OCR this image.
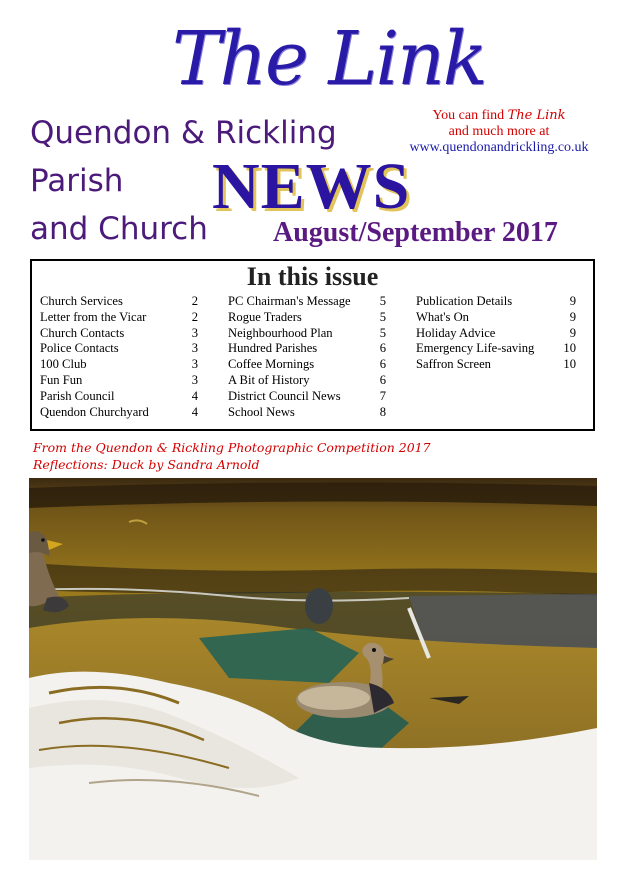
The Link
Quendon & Rickling
Parish
and Church
NEWS
August/September 2017
You can find The Link
and much more at
www.quendonandrickling.co.uk
In this issue
Church Services	2
Letter from the Vicar	2
Church Contacts	3
Police Contacts	3
100 Club	3
Fun Fun	3
Parish Council	4
Quendon Churchyard	4
PC Chairman's Message 5
Rogue Traders	5
Neighbourhood Plan	5
Hundred Parishes	6
Coffee Mornings	6
A Bit of History	6
District Council News	7
School News	8
Publication Details	9
What's On	9
Holiday Advice	9
Emergency Life-saving 10
Saffron Screen	10
From the Quendon & Rickling Photographic Competition 2017
Reflections: Duck by Sandra Arnold
